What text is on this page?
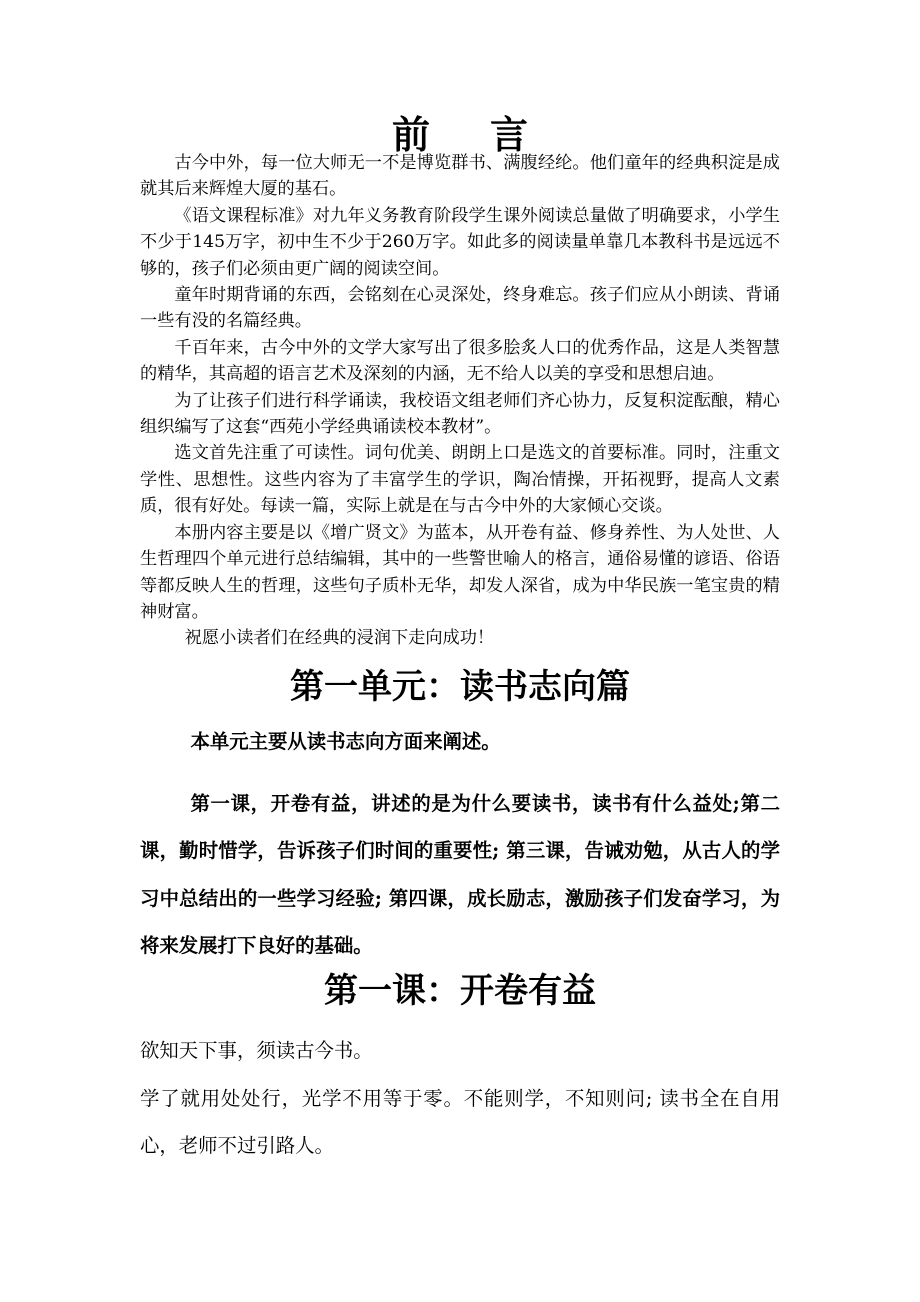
前言

古今中外，每一位大师无一不是博览群书、满腹经纶。他们童年的经典积淀是成就其后来辉煌大厦的基石。

《语文课程标准》对九年义务教育阶段学生课外阅读总量做了明确要求，小学生不少于145万字，初中生不少于260万字。如此多的阅读量单靠几本教科书是远远不够的，孩子们必须由更广阔的阅读空间。

童年时期背诵的东西，会铭刻在心灵深处，终身难忘。孩子们应从小朗读、背诵一些有没的名篇经典。

千百年来，古今中外的文学大家写出了很多脍炙人口的优秀作品，这是人类智慧的精华，其高超的语言艺术及深刻的内涵，无不给人以美的享受和思想启迪。

为了让孩子们进行科学诵读，我校语文组老师们齐心协力，反复积淀酝酿，精心组织编写了这套“西苑小学经典诵读校本教材”。

选文首先注重了可读性。词句优美、朗朗上口是选文的首要标准。同时，注重文学性、思想性。这些内容为了丰富学生的学识，陶冶情操，开拓视野，提高人文素质，很有好处。每读一篇，实际上就是在与古今中外的大家倾心交谈。

本册内容主要是以《增广贤文》为蓝本，从开卷有益、修身养性、为人处世、人生哲理四个单元进行总结编辑，其中的一些警世喻人的格言，通俗易懂的谚语、俗语等都反映人生的哲理，这些句子质朴无华，却发人深省，成为中华民族一笔宝贵的精神财富。

祝愿小读者们在经典的浸润下走向成功！

第一单元：读书志向篇

本单元主要从读书志向方面来阐述。

第一课，开卷有益，讲述的是为什么要读书，读书有什么益处;第二课，勤时惜学，告诉孩子们时间的重要性; 第三课，告诫劝勉，从古人的学习中总结出的一些学习经验; 第四课，成长励志，激励孩子们发奋学习，为将来发展打下良好的基础。

第一课：开卷有益

欲知天下事，须读古今书。

学了就用处处行，光学不用等于零。不能则学，不知则问; 读书全在自用心，老师不过引路人。
